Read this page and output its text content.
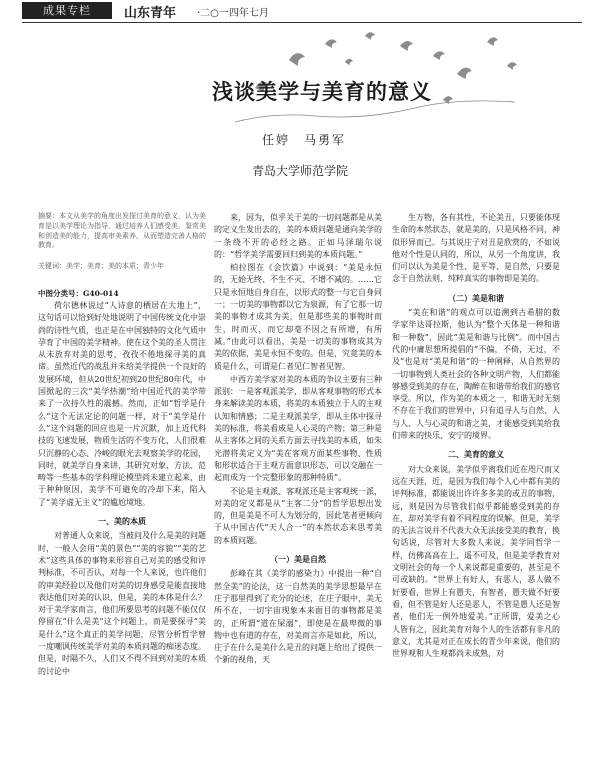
成果专栏	山东青年 ·二○一四年七月
浅谈美学与美育的意义
任婷　马勇军
青岛大学师范学院
摘要：本文从美学的角度出发探讨美育的意义，认为美育是以美学理论为指导，通过培养人们感受美、鉴赏美和创造美的能力，提高审美素养，从而塑造完善人格的教育。
关键词：美学；美育；美的本质；青少年
中图分类号：G40-014
荷尔德林说过“人诗意的栖居在大地上”，这句话可以恰到好处地说明了中国传统文化中崇尚的诗性气质，也正是在中国独特的文化气质中孕育了中国的美学精神。使在这个美的圣人贯注从未放弃对美的思考，孜孜不倦地探寻美的真谛。虽然近代的战乱并未给美学提供一个良好的发展环境，但从20世纪初到20世纪80年代，中国掀起的三次“美学热潮”给中国近代的美学带来了一次持久性的震撼。然而，正如“哲学是什么”这个无法定论的问题一样，对于“美学是什么”这个问题的回应也是一片沉默，加上近代科技的飞速发展，物质生活的不变万化，人们很难只沉静的心态、冷峻的眼光去观察美学的花园，同时，就美学自身来讲，其研究对象、方法、范畴等一些基本的学科理论模型尚未建立起来，由于种种原因，美学不可避免的冷却下来，陷入了“美学虚无主义”的尴尬境地。
一、美的本质
对普通人众来说，当被问及什么是美的问题时，一般人会用“美的景色”“美的容貌”“美的艺术”这些具体的事物来形容自己对美的感受和评判标准，不可否认，对每一个人来说，也许他们的审美经验以及他们对美的切身感受是能直接地表达他们对美的认识，但是，美的本体是什么？对于美学家而言，他们所要思考的问题不能仅仅停留在“什么是美”这个问题上，而是要探寻“美是什么”这个真正的美学问题，尽管分析哲学曾一度嘲讽传统美学对美的本质问题的痴迷态度。但是，时隔不久，人们又不得不回到对美的本质的讨论中
来，因为，似乎关于美的一切问题都是从美的定义生发出去的，美的本质问题是通向美学的一条绕不开的必经之路。正如马泽瑞尔说的：“哲学美学需要回归到美的本质问题。”
柏拉图在《会饮篇》中说到：“美是永恒的，无始无终、不生不灭、不增不减的。……它只是永恒地自身自在，以形式的整一与它自身同一；一切美的事物都以它为泉源，有了它那一切美的事物才成其为美，但是那些美的事物时而生，时而灭，而它却毫不因之有所增，有所减。”由此可以看出，美是一切美的事物成其为美的依据，美是永恒不变的。但是，究竟美的本质是什么，可谓是仁者见仁智者见智。
中西方美学家对美的本质的争议主要有三种派别：一是客观派美学，即从客观事物的形式本身来解读美的本质，将美的本质独立于人的主观认知和情感；二是主观派美学，即从主体中探寻美的标准，将美看成是人心灵的产物；第三种是从主客体之间的关系方面去寻找美的本质，如朱光潜将美定义为“美在客观方面某些事物、性质和形状适合于主观方面意识形态，可以交融在一起而成为一个完整形象的那种特质”。
不论是主观派、客观派还是主客观统一派，对美的定义都是从“主客二分”的哲学思想出发的，但是美是不可人为划分的，因此笔者更倾向于从中国古代“天人合一”的本然状态来思考美的本质问题。
（一）美是自然
彭峰在其《美学的感染力》中提出一种“自然全美”的论法，这一自然美的美学思想最早在庄子那里得到了充分的论述，在庄子眼中，美无所不在，一切宇宙现象本来面目的事物都是美的，正所谓“道在屎溺”，即使是在最卑微的事物中也有道的存在，对美而言亦是如此，所以，庄子在什么是美什么是丑的问题上给出了提供一个新的视角，天
生万物，各有其性，不论美丑，只要能体现生命的本然状态，就是美的，只是风格不同，神似形异而已。与其说庄子对丑是欣赏的，不如说他对个性是认同的，所以，从另一个角度讲，我们可以认为美是个性、是平等、是自然，只要是念于自然法则、纯粹真实的事物即是美的。
（二）美是和谐
“美在和谐”的观点可以追溯到古希腊的数学家毕达哥拉斯，他认为“整个天体是一种和谐和一种数”，因此“美是和谐与比例”。而中国古代的中庸思想所提倡的“不偏，不倚，无过，不及”也是对“美是和谐”的一种阐释，从自然界的一切事物到人类社会的各种文明产物，人们都能够感受到美的存在，陶醉在和谐带给我们的感官享受。所以，作为美的本质之一，和谐无时无刻不存在于我们的世界中，只有追寻人与自然、人与人、人与心灵的和谐之美，才能感受到美给我们带来的快乐、安宁的境界。
二、美育的意义
对大众来说，美学似乎离我们近在咫尺而又远在天涯，近，是因为我们每个人心中都有美的评判标准，都能说出许许多多美的或丑的事物，远，则是因为尽管我们似乎都能感受到美的存在，却对美学有着不同程度的误解。但是，美学的无法言说并不代表大众无法接受美的教育，换句话说，尽管对大多数人来说，美学同哲学一样，仿佛高高在上、遥不可及，但是美学教育对文明社会的每一个人来说都是重要的，甚至是不可或缺的。“世界上有好人，有恶人，恶人做不好要看，世界上有愚夫，有智者，愚夫做不好要看，但不管是好人还是恶人，不管是愚人还是智者，他们无一例外地爱美。”正所谓，爱美之心人皆有之，因此美育对每个人的生活都有非凡的意义，尤其是对正在成长的青少年来说，他们的世界观和人生观都尚未成熟，对
